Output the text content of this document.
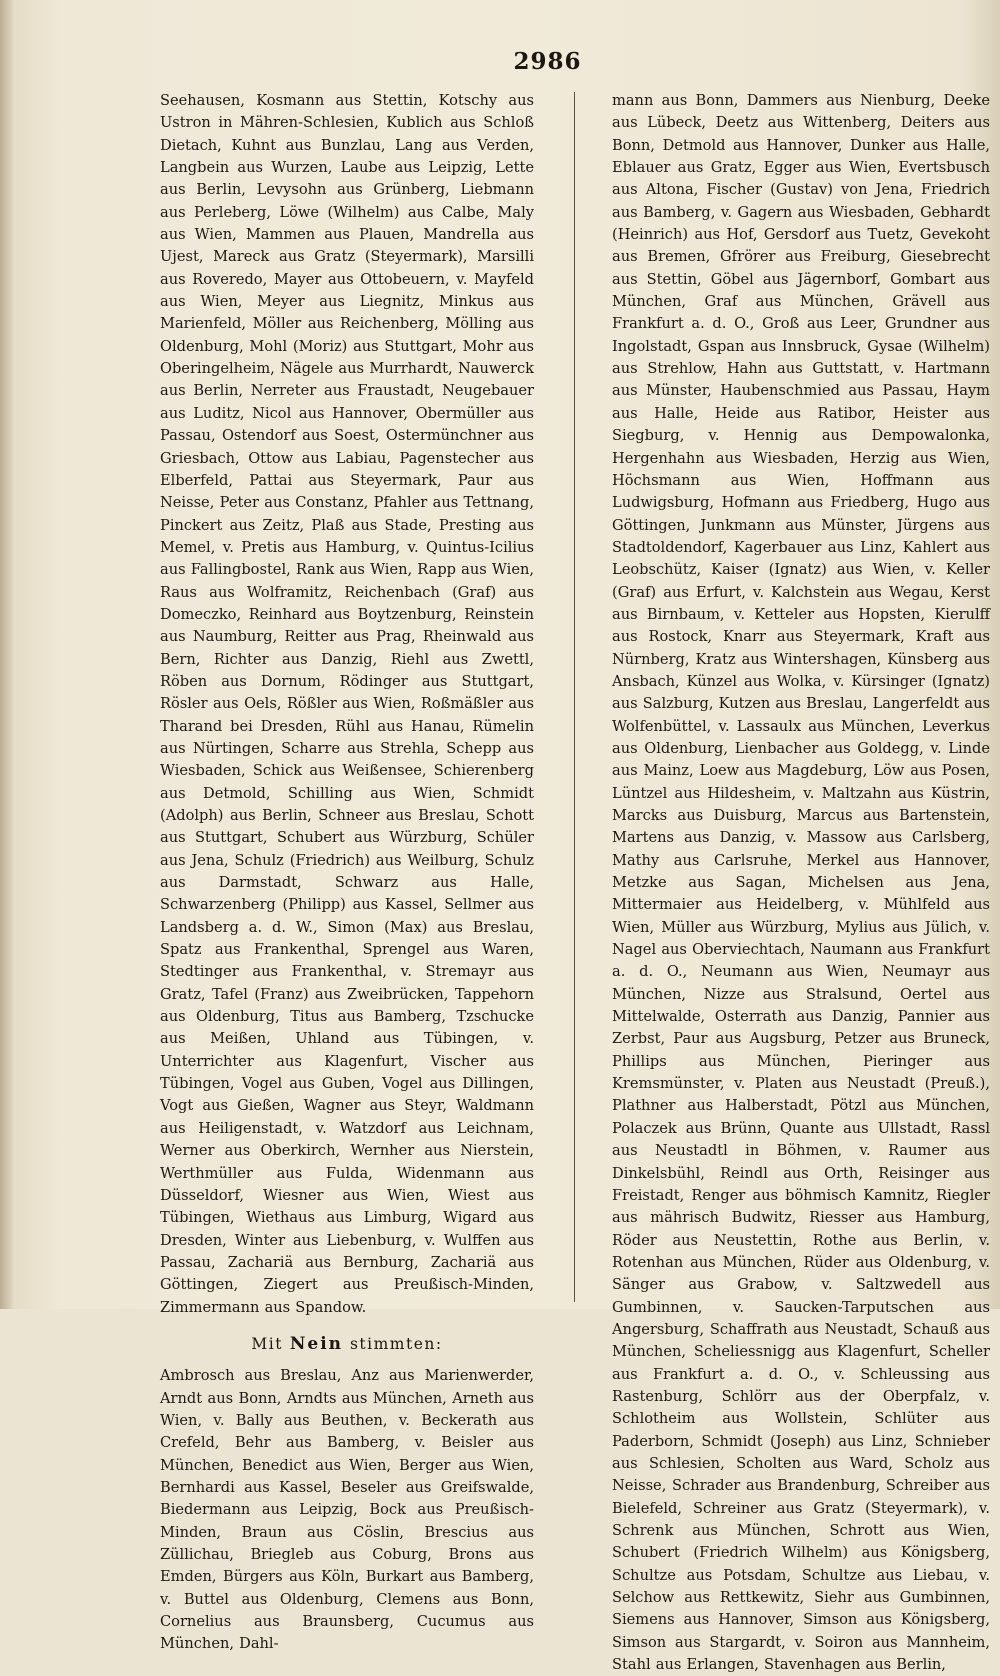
2986

Seehausen, Kosmann aus Stettin, Kotschy aus Ustron in Mähren-Schlesien, Kublich aus Schloß Dietach, Kuhnt aus Bunzlau, Lang aus Verden, Langbein aus Wurzen, Laube aus Leipzig, Lette aus Berlin, Levysohn aus Grünberg, Liebmann aus Perleberg, Löwe (Wilhelm) aus Calbe, Maly aus Wien, Mammen aus Plauen, Mandrella aus Ujest, Mareck aus Gratz (Steyermark), Marsilli aus Roveredo, Mayer aus Ottobeuern, v. Mayfeld aus Wien, Meyer aus Liegnitz, Minkus aus Marienfeld, Möller aus Reichenberg, Mölling aus Oldenburg, Mohl (Moriz) aus Stuttgart, Mohr aus Oberingelheim, Nägele aus Murrhardt, Nauwerck aus Berlin, Nerreter aus Fraustadt, Neugebauer aus Luditz, Nicol aus Hannover, Obermüller aus Passau, Ostendorf aus Soest, Ostermünchner aus Griesbach, Ottow aus Labiau, Pagenstecher aus Elberfeld, Pattai aus Steyermark, Paur aus Neisse, Peter aus Constanz, Pfahler aus Tettnang, Pinckert aus Zeitz, Plaß aus Stade, Presting aus Memel, v. Pretis aus Hamburg, v. Quintus-Icilius aus Fallingbostel, Rank aus Wien, Rapp aus Wien, Raus aus Wolframitz, Reichenbach (Graf) aus Domeczko, Reinhard aus Boytzenburg, Reinstein aus Naumburg, Reitter aus Prag, Rheinwald aus Bern, Richter aus Danzig, Riehl aus Zwettl, Röben aus Dornum, Rödinger aus Stuttgart, Rösler aus Oels, Rößler aus Wien, Roßmäßler aus Tharand bei Dresden, Rühl aus Hanau, Rümelin aus Nürtingen, Scharre aus Strehla, Schepp aus Wiesbaden, Schick aus Weißensee, Schierenberg aus Detmold, Schilling aus Wien, Schmidt (Adolph) aus Berlin, Schneer aus Breslau, Schott aus Stuttgart, Schubert aus Würzburg, Schüler aus Jena, Schulz (Friedrich) aus Weilburg, Schulz aus Darmstadt, Schwarz aus Halle, Schwarzenberg (Philipp) aus Kassel, Sellmer aus Landsberg a. d. W., Simon (Max) aus Breslau, Spatz aus Frankenthal, Sprengel aus Waren, Stedtinger aus Frankenthal, v. Stremayr aus Gratz, Tafel (Franz) aus Zweibrücken, Tappehorn aus Oldenburg, Titus aus Bamberg, Tzschucke aus Meißen, Uhland aus Tübingen, v. Unterrichter aus Klagenfurt, Vischer aus Tübingen, Vogel aus Guben, Vogel aus Dillingen, Vogt aus Gießen, Wagner aus Steyr, Waldmann aus Heiligenstadt, v. Watzdorf aus Leichnam, Werner aus Oberkirch, Wernher aus Nierstein, Werthmüller aus Fulda, Widenmann aus Düsseldorf, Wiesner aus Wien, Wiest aus Tübingen, Wiethaus aus Limburg, Wigard aus Dresden, Winter aus Liebenburg, v. Wulffen aus Passau, Zachariä aus Bernburg, Zachariä aus Göttingen, Ziegert aus Preußisch-Minden, Zimmermann aus Spandow.

Mit Nein stimmten:

Ambrosch aus Breslau, Anz aus Marienwerder, Arndt aus Bonn, Arndts aus München, Arneth aus Wien, v. Bally aus Beuthen, v. Beckerath aus Crefeld, Behr aus Bamberg, v. Beisler aus München, Benedict aus Wien, Berger aus Wien, Bernhardi aus Kassel, Beseler aus Greifswalde, Biedermann aus Leipzig, Bock aus Preußisch-Minden, Braun aus Cöslin, Brescius aus Züllichau, Briegleb aus Coburg, Brons aus Emden, Bürgers aus Köln, Burkart aus Bamberg, v. Buttel aus Oldenburg, Clemens aus Bonn, Cornelius aus Braunsberg, Cucumus aus München, Dahl-

mann aus Bonn, Dammers aus Nienburg, Deeke aus Lübeck, Deetz aus Wittenberg, Deiters aus Bonn, Detmold aus Hannover, Dunker aus Halle, Eblauer aus Gratz, Egger aus Wien, Evertsbusch aus Altona, Fischer (Gustav) von Jena, Friedrich aus Bamberg, v. Gagern aus Wiesbaden, Gebhardt (Heinrich) aus Hof, Gersdorf aus Tuetz, Gevekoht aus Bremen, Gfrörer aus Freiburg, Giesebrecht aus Stettin, Göbel aus Jägernborf, Gombart aus München, Graf aus München, Grävell aus Frankfurt a. d. O., Groß aus Leer, Grundner aus Ingolstadt, Gspan aus Innsbruck, Gysae (Wilhelm) aus Strehlow, Hahn aus Guttstatt, v. Hartmann aus Münster, Haubenschmied aus Passau, Haym aus Halle, Heide aus Ratibor, Heister aus Siegburg, v. Hennig aus Dempowalonka, Hergenhahn aus Wiesbaden, Herzig aus Wien, Höchsmann aus Wien, Hoffmann aus Ludwigsburg, Hofmann aus Friedberg, Hugo aus Göttingen, Junkmann aus Münster, Jürgens aus Stadtoldendorf, Kagerbauer aus Linz, Kahlert aus Leobschütz, Kaiser (Ignatz) aus Wien, v. Keller (Graf) aus Erfurt, v. Kalchstein aus Wegau, Kerst aus Birnbaum, v. Ketteler aus Hopsten, Kierulff aus Rostock, Knarr aus Steyermark, Kraft aus Nürnberg, Kratz aus Wintershagen, Künsberg aus Ansbach, Künzel aus Wolka, v. Kürsinger (Ignatz) aus Salzburg, Kutzen aus Breslau, Langerfeldt aus Wolfenbüttel, v. Lassaulx aus München, Leverkus aus Oldenburg, Lienbacher aus Goldegg, v. Linde aus Mainz, Loew aus Magdeburg, Löw aus Posen, Lüntzel aus Hildesheim, v. Maltzahn aus Küstrin, Marcks aus Duisburg, Marcus aus Bartenstein, Martens aus Danzig, v. Massow aus Carlsberg, Mathy aus Carlsruhe, Merkel aus Hannover, Metzke aus Sagan, Michelsen aus Jena, Mittermaier aus Heidelberg, v. Mühlfeld aus Wien, Müller aus Würzburg, Mylius aus Jülich, v. Nagel aus Oberviechtach, Naumann aus Frankfurt a. d. O., Neumann aus Wien, Neumayr aus München, Nizze aus Stralsund, Oertel aus Mittelwalde, Osterrath aus Danzig, Pannier aus Zerbst, Paur aus Augsburg, Petzer aus Bruneck, Phillips aus München, Pieringer aus Kremsmünster, v. Platen aus Neustadt (Preuß.), Plathner aus Halberstadt, Pötzl aus München, Polaczek aus Brünn, Quante aus Ullstadt, Rassl aus Neustadtl in Böhmen, v. Raumer aus Dinkelsbühl, Reindl aus Orth, Reisinger aus Freistadt, Renger aus böhmisch Kamnitz, Riegler aus mährisch Budwitz, Riesser aus Hamburg, Röder aus Neustettin, Rothe aus Berlin, v. Rotenhan aus München, Rüder aus Oldenburg, v. Sänger aus Grabow, v. Saltzwedell aus Gumbinnen, v. Saucken-Tarputschen aus Angersburg, Schaffrath aus Neustadt, Schauß aus München, Scheliessnigg aus Klagenfurt, Scheller aus Frankfurt a. d. O., v. Schleussing aus Rastenburg, Schlörr aus der Oberpfalz, v. Schlotheim aus Wollstein, Schlüter aus Paderborn, Schmidt (Joseph) aus Linz, Schnieber aus Schlesien, Scholten aus Ward, Scholz aus Neisse, Schrader aus Brandenburg, Schreiber aus Bielefeld, Schreiner aus Gratz (Steyermark), v. Schrenk aus München, Schrott aus Wien, Schubert (Friedrich Wilhelm) aus Königsberg, Schultze aus Potsdam, Schultze aus Liebau, v. Selchow aus Rettkewitz, Siehr aus Gumbinnen, Siemens aus Hannover, Simson aus Königsberg, Simson aus Stargardt, v. Soiron aus Mannheim, Stahl aus Erlangen, Stavenhagen aus Berlin,
